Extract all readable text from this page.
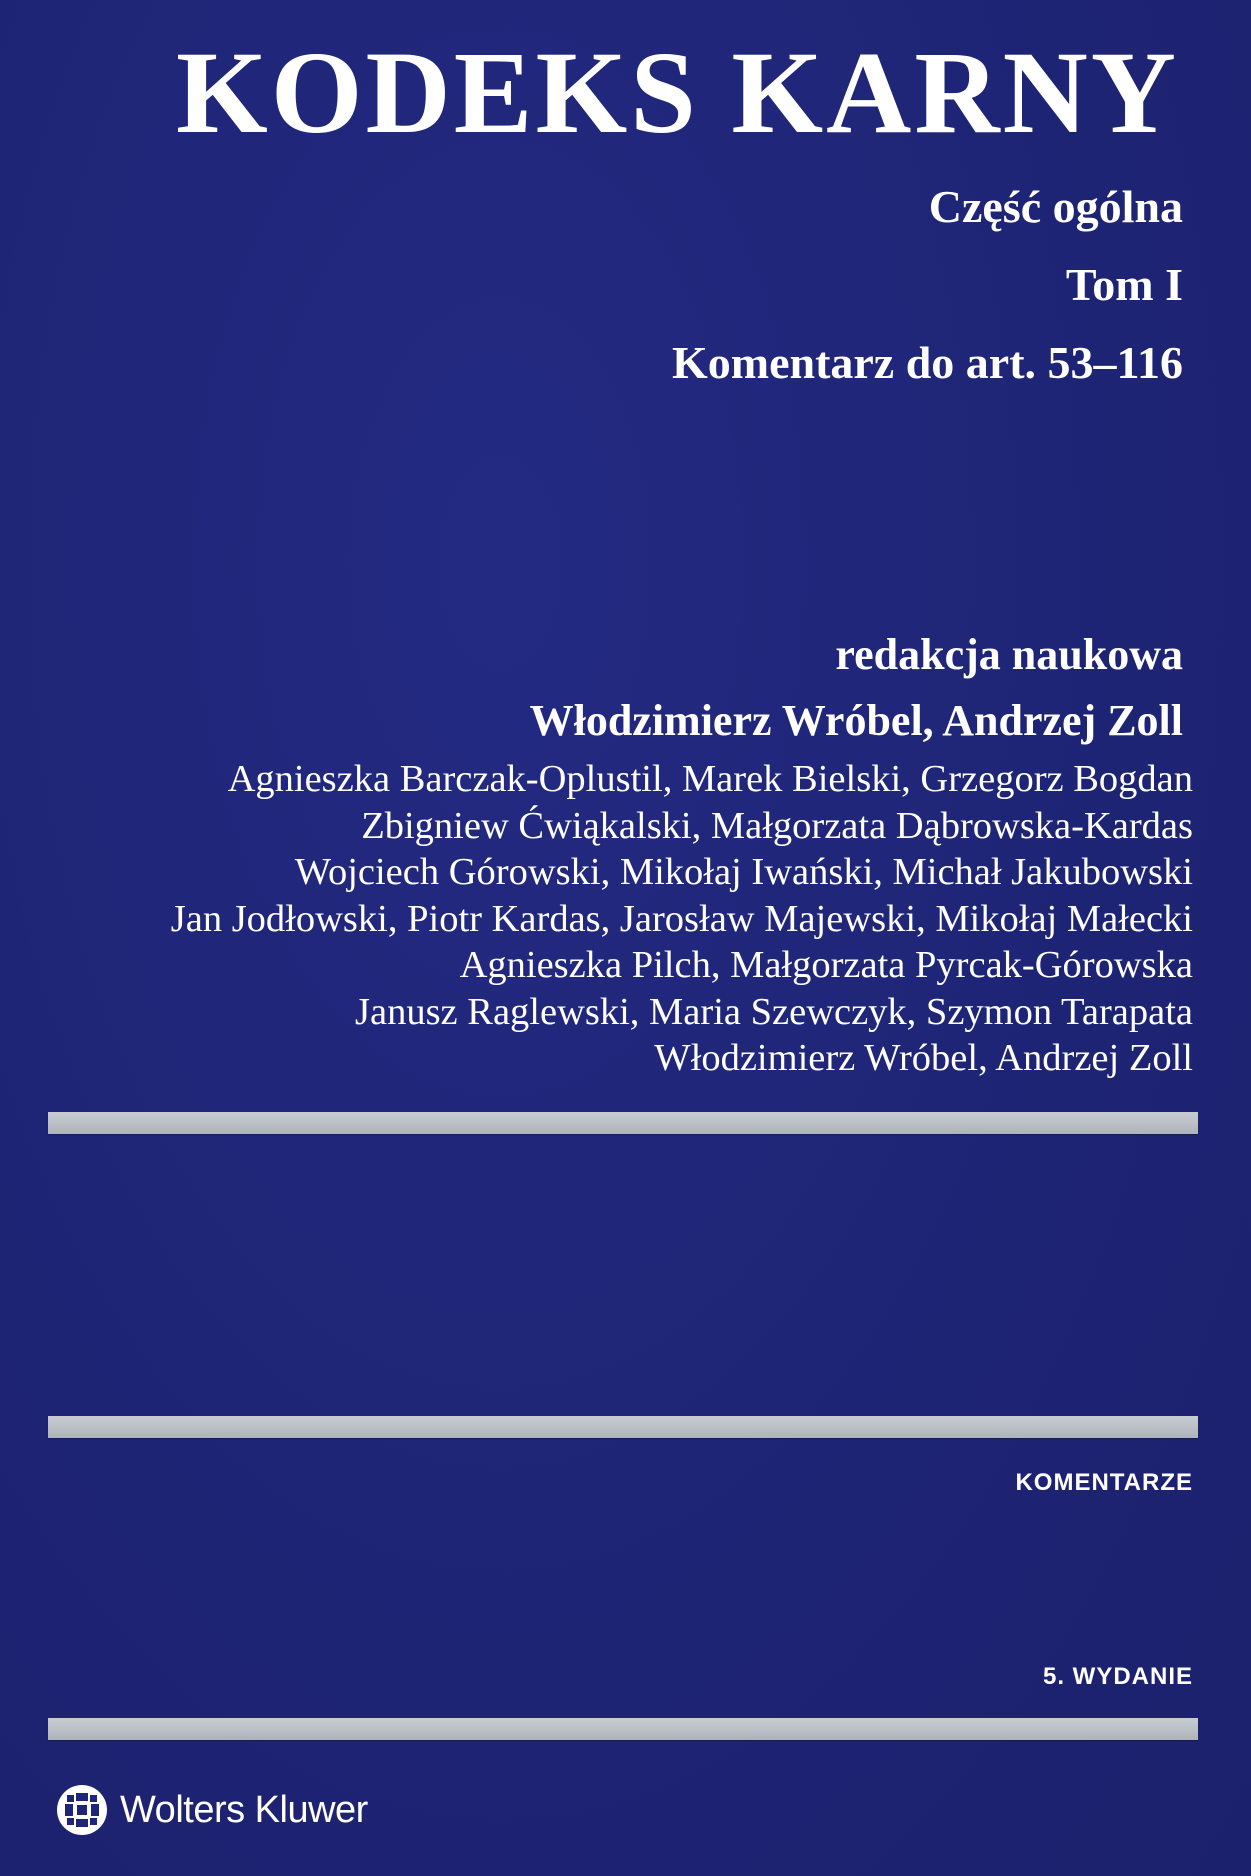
KODEKS KARNY
Część ogólna
Tom I
Komentarz do art. 53–116
redakcja naukowa
Włodzimierz Wróbel, Andrzej Zoll
Agnieszka Barczak-Oplustil, Marek Bielski, Grzegorz Bogdan
Zbigniew Ćwiąkalski, Małgorzata Dąbrowska-Kardas
Wojciech Górowski, Mikołaj Iwański, Michał Jakubowski
Jan Jodłowski, Piotr Kardas, Jarosław Majewski, Mikołaj Małecki
Agnieszka Pilch, Małgorzata Pyrcak-Górowska
Janusz Raglewski, Maria Szewczyk, Szymon Tarapata
Włodzimierz Wróbel, Andrzej Zoll
KOMENTARZE
5. WYDANIE
Wolters Kluwer
